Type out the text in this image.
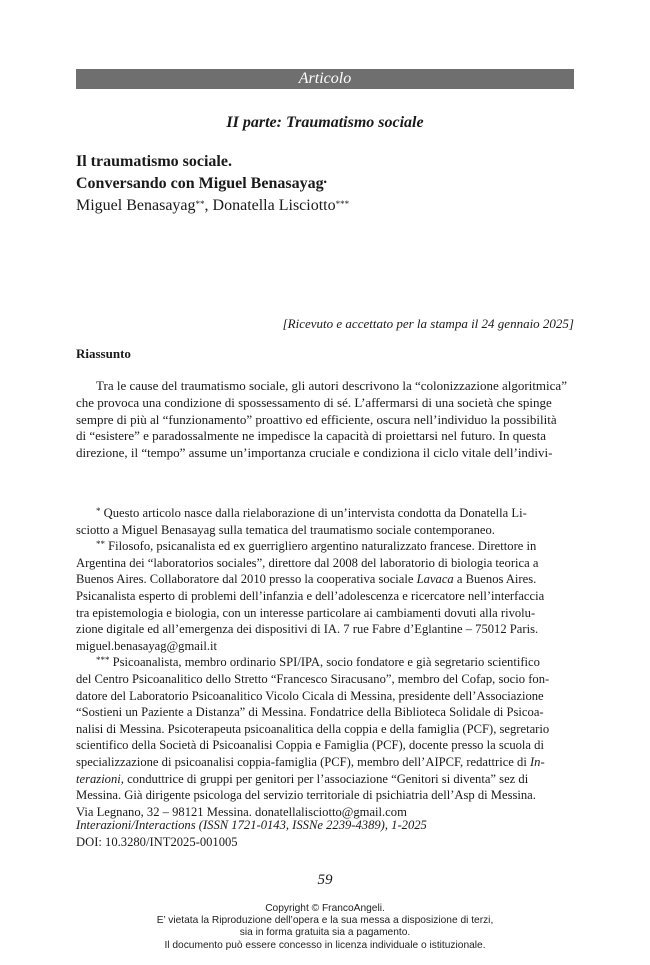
Articolo
II parte: Traumatismo sociale
Il traumatismo sociale.
Conversando con Miguel Benasayag•
Miguel Benasayag**, Donatella Lisciotto***
[Ricevuto e accettato per la stampa il 24 gennaio 2025]
Riassunto
Tra le cause del traumatismo sociale, gli autori descrivono la “colonizzazione algoritmica”
che provoca una condizione di spossessamento di sé. L’affermarsi di una società che spinge
sempre di più al “funzionamento” proattivo ed efficiente, oscura nell’individuo la possibilità
di “esistere” e paradossalmente ne impedisce la capacità di proiettarsi nel futuro. In questa
direzione, il “tempo” assume un’importanza cruciale e condiziona il ciclo vitale dell’indivi-
* Questo articolo nasce dalla rielaborazione di un’intervista condotta da Donatella Li-
sciotto a Miguel Benasayag sulla tematica del traumatismo sociale contemporaneo.
** Filosofo, psicanalista ed ex guerrigliero argentino naturalizzato francese. Direttore in
Argentina dei “laboratorios sociales”, direttore dal 2008 del laboratorio di biologia teorica a
Buenos Aires. Collaboratore dal 2010 presso la cooperativa sociale Lavaca a Buenos Aires.
Psicanalista esperto di problemi dell’infanzia e dell’adolescenza e ricercatore nell’interfaccia
tra epistemologia e biologia, con un interesse particolare ai cambiamenti dovuti alla rivolu-
zione digitale ed all’emergenza dei dispositivi di IA. 7 rue Fabre d’Eglantine – 75012 Paris.
miguel.benasayag@gmail.it
*** Psicoanalista, membro ordinario SPI/IPA, socio fondatore e già segretario scientifico
del Centro Psicoanalitico dello Stretto “Francesco Siracusano”, membro del Cofap, socio fon-
datore del Laboratorio Psicoanalitico Vicolo Cicala di Messina, presidente dell’Associazione
“Sostieni un Paziente a Distanza” di Messina. Fondatrice della Biblioteca Solidale di Psicoa-
nalisi di Messina. Psicoterapeuta psicoanalitica della coppia e della famiglia (PCF), segretario
scientifico della Società di Psicoanalisi Coppia e Famiglia (PCF), docente presso la scuola di
specializzazione di psicoanalisi coppia-famiglia (PCF), membro dell’AIPCF, redattrice di In-
terazioni, conduttrice di gruppi per genitori per l’associazione “Genitori si diventa” sez di
Messina. Già dirigente psicologa del servizio territoriale di psichiatria dell’Asp di Messina.
Via Legnano, 32 – 98121 Messina. donatellalisciotto@gmail.com
Interazioni/Interactions (ISSN 1721-0143, ISSNe 2239-4389), 1-2025
DOI: 10.3280/INT2025-001005
59
Copyright © FrancoAngeli.
E’ vietata la Riproduzione dell’opera e la sua messa a disposizione di terzi,
sia in forma gratuita sia a pagamento.
Il documento può essere concesso in licenza individuale o istituzionale.
